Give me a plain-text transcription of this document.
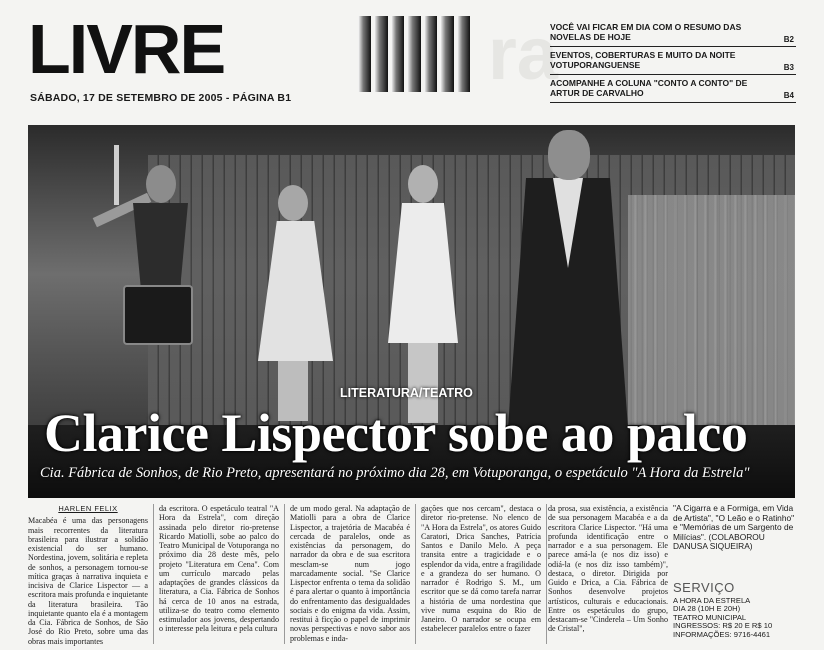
LIVRE	ra
SÁBADO, 17 DE SETEMBRO DE 2005 - PÁGINA B1
VOCÊ VAI FICAR EM DIA COM O RESUMO DAS NOVELAS DE HOJE	B2
EVENTOS, COBERTURAS E MUITO DA NOITE VOTUPORANGUENSE	B3
ACOMPANHE A COLUNA "CONTO A CONTO" DE ARTUR DE CARVALHO	B4
LITERATURA/TEATRO
Clarice Lispector sobe ao palco
Cia. Fábrica de Sonhos, de Rio Preto, apresentará no próximo dia 28, em Votuporanga, o espetáculo "A Hora da Estrela"
HARLEN FELIX
Macabéa é uma das personagens mais recorrentes da literatura brasileira para ilustrar a solidão existencial do ser humano. Nordestina, jovem, solitária e repleta de sonhos, a personagem tornou-se mítica graças à narrativa inquieta e incisiva de Clarice Lispector — a escritora mais profunda e inquietante da literatura brasileira. Tão inquietante quanto ela é a montagem da Cia. Fábrica de Sonhos, de São José do Rio Preto, sobre uma das obras mais importantes
da escritora. O espetáculo teatral "A Hora da Estrela", com direção assinada pelo diretor rio-pretense Ricardo Matiolli, sobe ao palco do Teatro Municipal de Votuporanga no próximo dia 28 deste mês, pelo projeto "Literatura em Cena". Com um currículo marcado pelas adaptações de grandes clássicos da literatura, a Cia. Fábrica de Sonhos há cerca de 10 anos na estrada, utiliza-se do teatro como elemento estimulador aos jovens, despertando o interesse pela leitura e pela cultura
de um modo geral. Na adaptação de Matiolli para a obra de Clarice Lispector, a trajetória de Macabéa é cercada de paralelos, onde as existências da personagem, do narrador da obra e de sua escritora mesclam-se num jogo marcadamente social. "Se Clarice Lispector enfrenta o tema da solidão é para alertar o quanto à importância do enfrentamento das desigualdades sociais e do enigma da vida. Assim, restitui à ficção o papel de imprimir novas perspectivas e novo sabor aos problemas e inda-
gações que nos cercam", destaca o diretor rio-pretense. No elenco de "A Hora da Estrela", os atores Guido Caratori, Drica Sanches, Patrícia Santos e Danilo Melo. A peça transita entre a tragicidade e o esplendor da vida, entre a fragilidade e a grandeza do ser humano. O narrador é Rodrigo S. M., um escritor que se dá como tarefa narrar a história de uma nordestina que vive numa esquina do Rio de Janeiro. O narrador se ocupa em estabelecer paralelos entre o fazer
da prosa, sua existência, a existência de sua personagem Macabéa e a da escritora Clarice Lispector. "Há uma profunda identificação entre o narrador e a sua personagem. Ele parece amá-la (e nos diz isso) e odiá-la (e nos diz isso também)", destaca, o diretor. Dirigida por Guido e Drica, a Cia. Fábrica de Sonhos desenvolve projetos artísticos, culturais e educacionais. Entre os espetáculos do grupo, destacam-se "Cinderela – Um Sonho de Cristal",
"A Cigarra e a Formiga, em Vida de Artista", "O Leão e o Ratinho" e "Memórias de um Sargento de Milícias". (COLABOROU DANUSA SIQUEIRA)
SERVIÇO
A HORA DA ESTRELA
DIA 28 (10H E 20H)
TEATRO MUNICIPAL
INGRESSOS: R$ 20 E R$ 10
INFORMAÇÕES: 9716-4461
